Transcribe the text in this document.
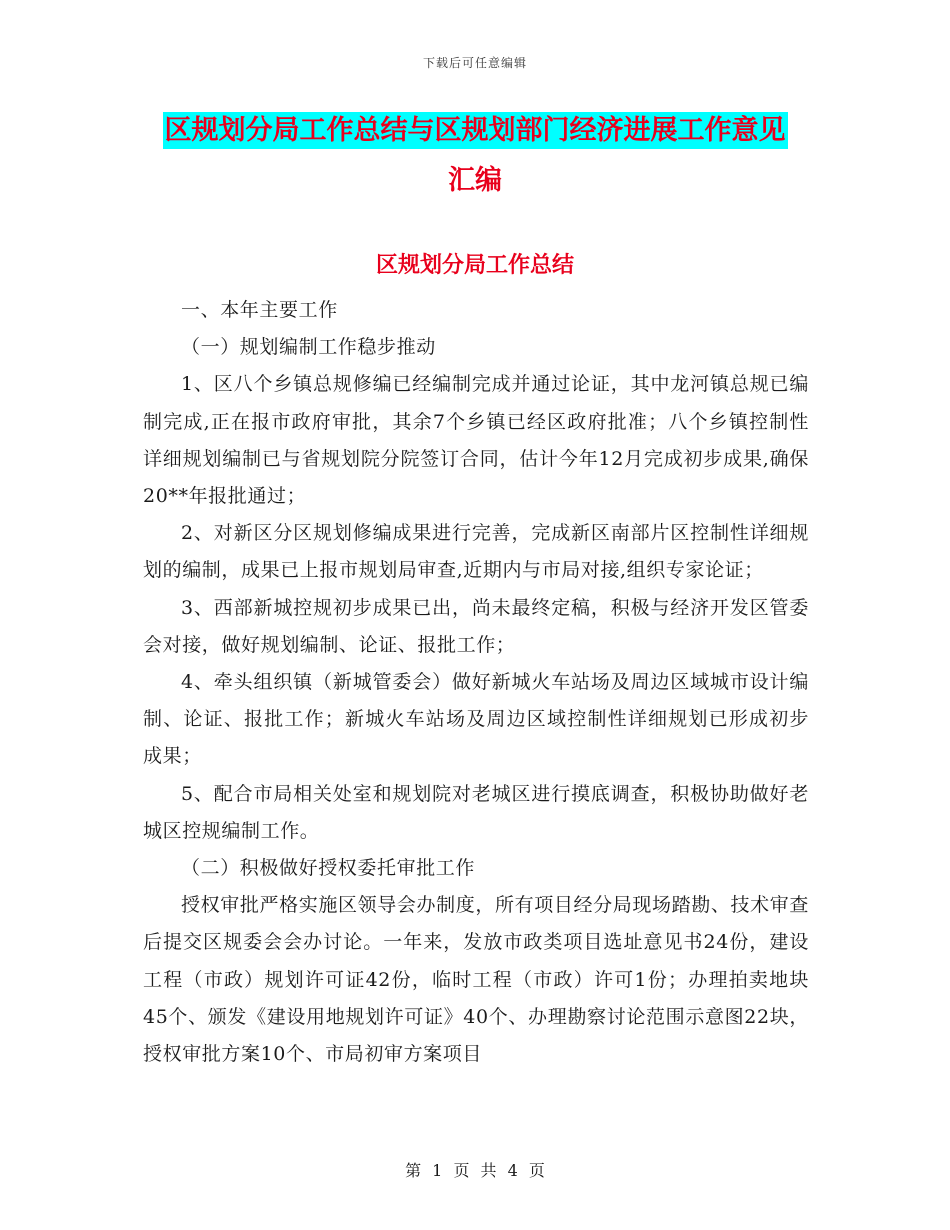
下载后可任意编辑
区规划分局工作总结与区规划部门经济进展工作意见
汇编
区规划分局工作总结

一、本年主要工作

（一）规划编制工作稳步推动

1、区八个乡镇总规修编已经编制完成并通过论证，其中龙河镇总规已编制完成,正在报市政府审批，其余7个乡镇已经区政府批准；八个乡镇控制性详细规划编制已与省规划院分院签订合同，估计今年12月完成初步成果,确保20**年报批通过；

2、对新区分区规划修编成果进行完善，完成新区南部片区控制性详细规划的编制，成果已上报市规划局审查,近期内与市局对接,组织专家论证；

3、西部新城控规初步成果已出，尚未最终定稿，积极与经济开发区管委会对接，做好规划编制、论证、报批工作；

4、牵头组织镇（新城管委会）做好新城火车站场及周边区域城市设计编制、论证、报批工作；新城火车站场及周边区域控制性详细规划已形成初步成果；

5、配合市局相关处室和规划院对老城区进行摸底调查，积极协助做好老城区控规编制工作。

（二）积极做好授权委托审批工作

授权审批严格实施区领导会办制度，所有项目经分局现场踏勘、技术审查后提交区规委会会办讨论。一年来，发放市政类项目选址意见书24份，建设工程（市政）规划许可证42份，临时工程（市政）许可1份；办理拍卖地块45个、颁发《建设用地规划许可证》40个、办理勘察讨论范围示意图22块，授权审批方案10个、市局初审方案项目

第 1 页 共 4 页
